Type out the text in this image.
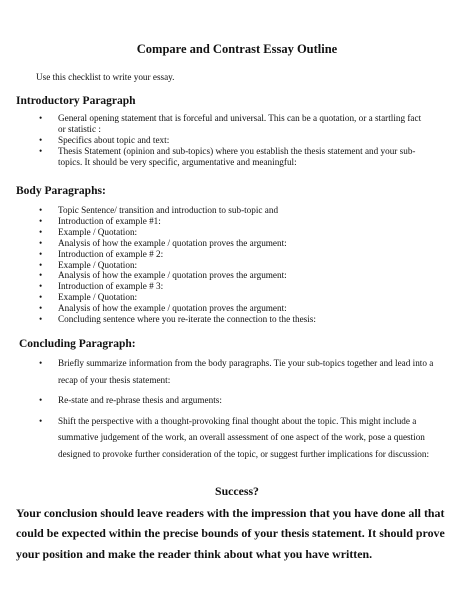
Compare and Contrast Essay Outline
Use this checklist to write your essay.
Introductory Paragraph
• General opening statement that is forceful and universal. This can be a quotation, or a startling fact or statistic :
• Specifics about topic and text:
• Thesis Statement (opinion and sub-topics) where you establish the thesis statement and your sub-topics. It should be very specific, argumentative and meaningful:
Body Paragraphs:
• Topic Sentence/ transition and introduction to sub-topic and
• Introduction of example #1:
• Example / Quotation:
• Analysis of how the example / quotation proves the argument:
• Introduction of example # 2:
• Example / Quotation:
• Analysis of how the example / quotation proves the argument:
• Introduction of example # 3:
• Example / Quotation:
• Analysis of how the example / quotation proves the argument:
• Concluding sentence where you re-iterate the connection to the thesis:
Concluding Paragraph:
• Briefly summarize information from the body paragraphs. Tie your sub-topics together and lead into a recap of your thesis statement:
• Re-state and re-phrase thesis and arguments:
• Shift the perspective with a thought-provoking final thought about the topic. This might include a summative judgement of the work, an overall assessment of one aspect of the work, pose a question designed to provoke further consideration of the topic, or suggest further implications for discussion:
Success?
Your conclusion should leave readers with the impression that you have done all that could be expected within the precise bounds of your thesis statement. It should prove your position and make the reader think about what you have written.
